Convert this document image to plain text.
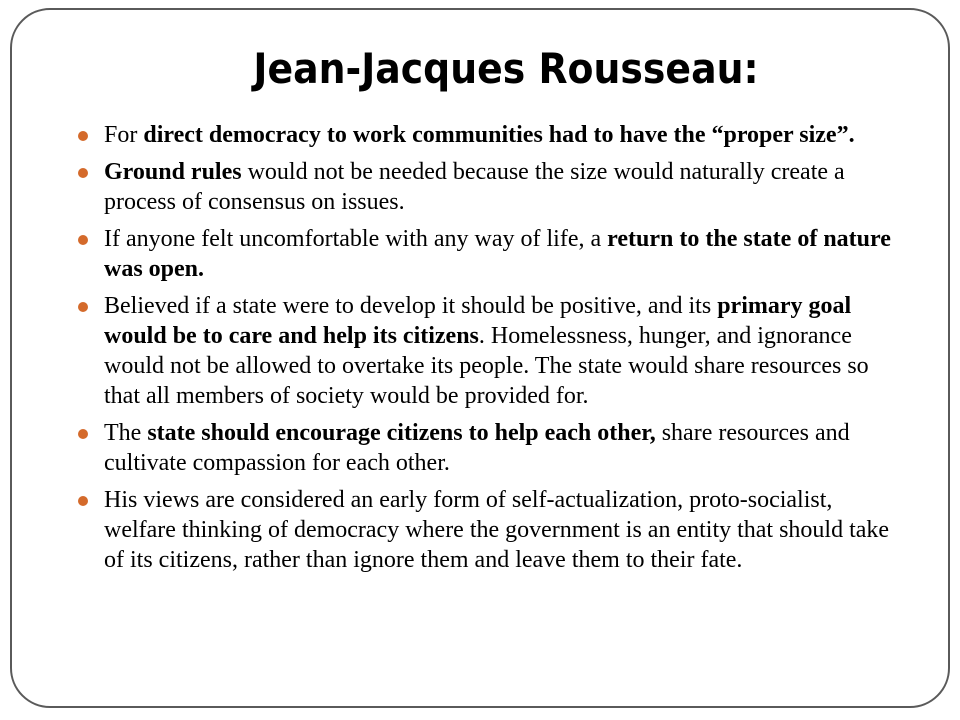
Jean-Jacques Rousseau:
For direct democracy to work communities had to have the “proper size”.
Ground rules would not be needed because the size would naturally create a process of consensus on issues.
If anyone felt uncomfortable with any way of life, a return to the state of nature was open.
Believed if a state were to develop it should be positive, and its primary goal would be to care and help its citizens. Homelessness, hunger, and ignorance would not be allowed to overtake its people. The state would share resources so that all members of society would be provided for.
The state should encourage citizens to help each other, share resources and cultivate compassion for each other.
His views are considered an early form of self-actualization, proto-socialist, welfare thinking of democracy where the government is an entity that should take of its citizens, rather than ignore them and leave them to their fate.
